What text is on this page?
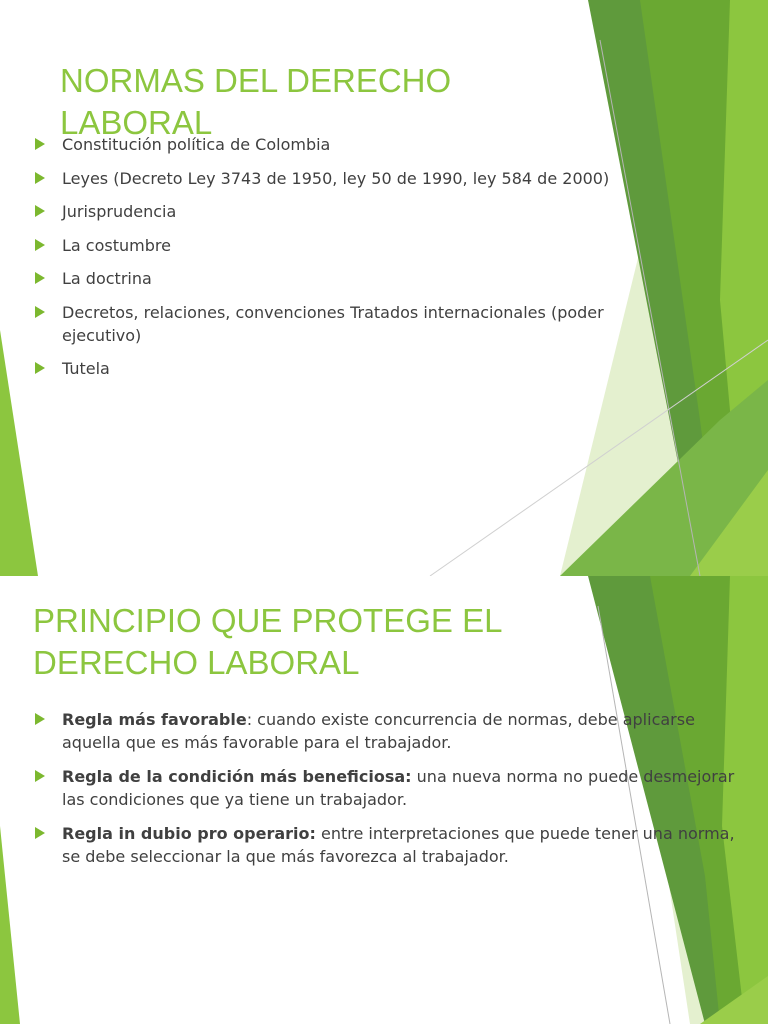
NORMAS DEL DERECHO LABORAL
Constitución política de Colombia
Leyes (Decreto Ley 3743 de 1950, ley 50 de 1990, ley 584 de 2000)
Jurisprudencia
La costumbre
La doctrina
Decretos, relaciones, convenciones Tratados internacionales (poder ejecutivo)
Tutela
PRINCIPIO QUE PROTEGE EL DERECHO LABORAL
Regla más favorable: cuando existe concurrencia de normas, debe aplicarse aquella que es más favorable para el trabajador.
Regla de la condición más beneficiosa: una nueva norma no puede desmejorar las condiciones que ya tiene un trabajador.
Regla in dubio pro operario: entre interpretaciones que puede tener una norma, se debe seleccionar la que más favorezca al trabajador.
